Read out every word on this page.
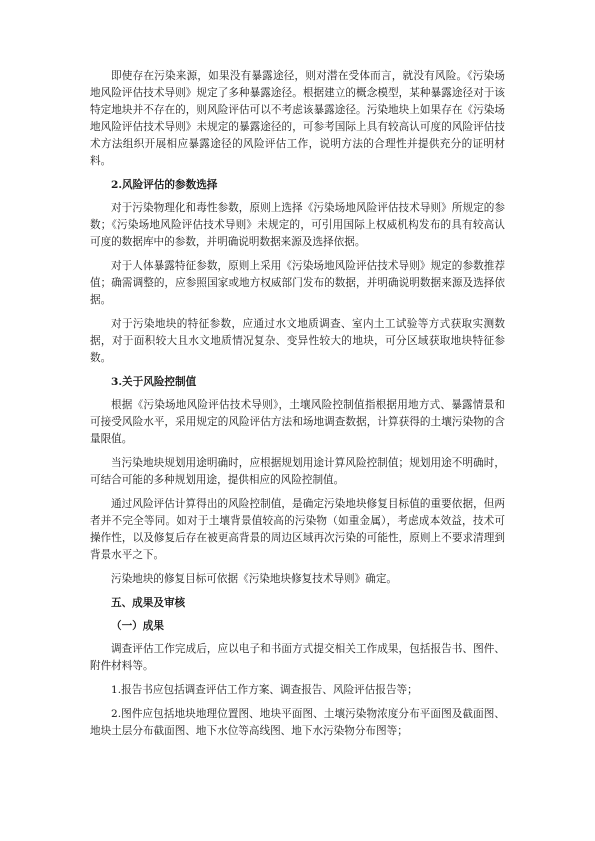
即使存在污染来源，如果没有暴露途径，则对潜在受体而言，就没有风险。《污染场地风险评估技术导则》规定了多种暴露途径。根据建立的概念模型，某种暴露途径对于该特定地块并不存在的，则风险评估可以不考虑该暴露途径。污染地块上如果存在《污染场地风险评估技术导则》未规定的暴露途径的，可参考国际上具有较高认可度的风险评估技术方法组织开展相应暴露途径的风险评估工作，说明方法的合理性并提供充分的证明材料。

2.风险评估的参数选择

对于污染物理化和毒性参数，原则上选择《污染场地风险评估技术导则》所规定的参数；《污染场地风险评估技术导则》未规定的，可引用国际上权威机构发布的具有较高认可度的数据库中的参数，并明确说明数据来源及选择依据。

对于人体暴露特征参数，原则上采用《污染场地风险评估技术导则》规定的参数推荐值；确需调整的，应参照国家或地方权威部门发布的数据，并明确说明数据来源及选择依据。

对于污染地块的特征参数，应通过水文地质调查、室内土工试验等方式获取实测数据，对于面积较大且水文地质情况复杂、变异性较大的地块，可分区域获取地块特征参数。

3.关于风险控制值

根据《污染场地风险评估技术导则》，土壤风险控制值指根据用地方式、暴露情景和可接受风险水平，采用规定的风险评估方法和场地调查数据，计算获得的土壤污染物的含量限值。

当污染地块规划用途明确时，应根据规划用途计算风险控制值；规划用途不明确时，可结合可能的多种规划用途，提供相应的风险控制值。

通过风险评估计算得出的风险控制值，是确定污染地块修复目标值的重要依据，但两者并不完全等同。如对于土壤背景值较高的污染物（如重金属），考虑成本效益，技术可操作性，以及修复后存在被更高背景的周边区域再次污染的可能性，原则上不要求清理到背景水平之下。

污染地块的修复目标可依据《污染地块修复技术导则》确定。

五、成果及审核
（一）成果

调查评估工作完成后，应以电子和书面方式提交相关工作成果，包括报告书、图件、附件材料等。

1.报告书应包括调查评估工作方案、调查报告、风险评估报告等；

2.图件应包括地块地理位置图、地块平面图、土壤污染物浓度分布平面图及截面图、地块土层分布截面图、地下水位等高线图、地下水污染物分布图等；
